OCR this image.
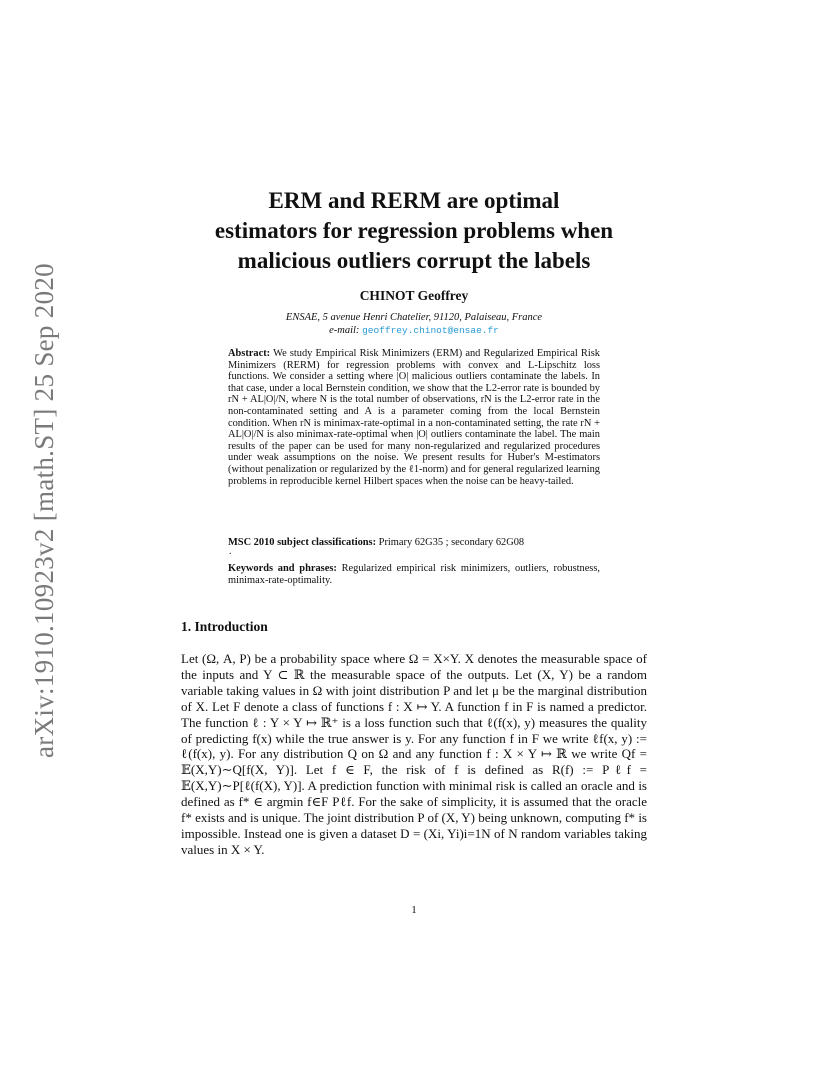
arXiv:1910.10923v2 [math.ST] 25 Sep 2020
ERM and RERM are optimal
estimators for regression problems when
malicious outliers corrupt the labels
CHINOT Geoffrey
ENSAE, 5 avenue Henri Chatelier, 91120, Palaiseau, France
e-mail: geoffrey.chinot@ensae.fr

Abstract: We study Empirical Risk Minimizers (ERM) and Regularized Empirical Risk Minimizers (RERM) for regression problems with convex and L-Lipschitz loss functions. We consider a setting where |O| malicious outliers contaminate the labels. In that case, under a local Bernstein condition, we show that the L2-error rate is bounded by rN + AL|O|/N, where N is the total number of observations, rN is the L2-error rate in the non-contaminated setting and A is a parameter coming from the local Bernstein condition. When rN is minimax-rate-optimal in a non-contaminated setting, the rate rN + AL|O|/N is also minimax-rate-optimal when |O| outliers contaminate the label. The main results of the paper can be used for many non-regularized and regularized procedures under weak assumptions on the noise. We present results for Huber's M-estimators (without penalization or regularized by the ℓ1-norm) and for general regularized learning problems in reproducible kernel Hilbert spaces when the noise can be heavy-tailed.

MSC 2010 subject classifications: Primary 62G35 ; secondary 62G08
.
Keywords and phrases: Regularized empirical risk minimizers, outliers, robustness, minimax-rate-optimality.
1. Introduction

Let (Ω, A, P) be a probability space where Ω = X×Y. X denotes the measurable space of the inputs and Y ⊂ ℝ the measurable space of the outputs. Let (X, Y) be a random variable taking values in Ω with joint distribution P and let μ be the marginal distribution of X. Let F denote a class of functions f : X ↦ Y. A function f in F is named a predictor. The function ℓ : Y × Y ↦ ℝ⁺ is a loss function such that ℓ(f(x), y) measures the quality of predicting f(x) while the true answer is y. For any function f in F we write ℓf(x, y) := ℓ(f(x), y). For any distribution Q on Ω and any function f : X × Y ↦ ℝ we write Qf = 𝔼(X,Y)∼Q[f(X, Y)]. Let f ∈ F, the risk of f is defined as R(f) := Pℓf = 𝔼(X,Y)∼P[ℓ(f(X), Y)]. A prediction function with minimal risk is called an oracle and is defined as f* ∈ argmin f∈F Pℓf. For the sake of simplicity, it is assumed that the oracle f* exists and is unique. The joint distribution P of (X, Y) being unknown, computing f* is impossible. Instead one is given a dataset D = (Xi, Yi)i=1N of N random variables taking values in X × Y.

1
